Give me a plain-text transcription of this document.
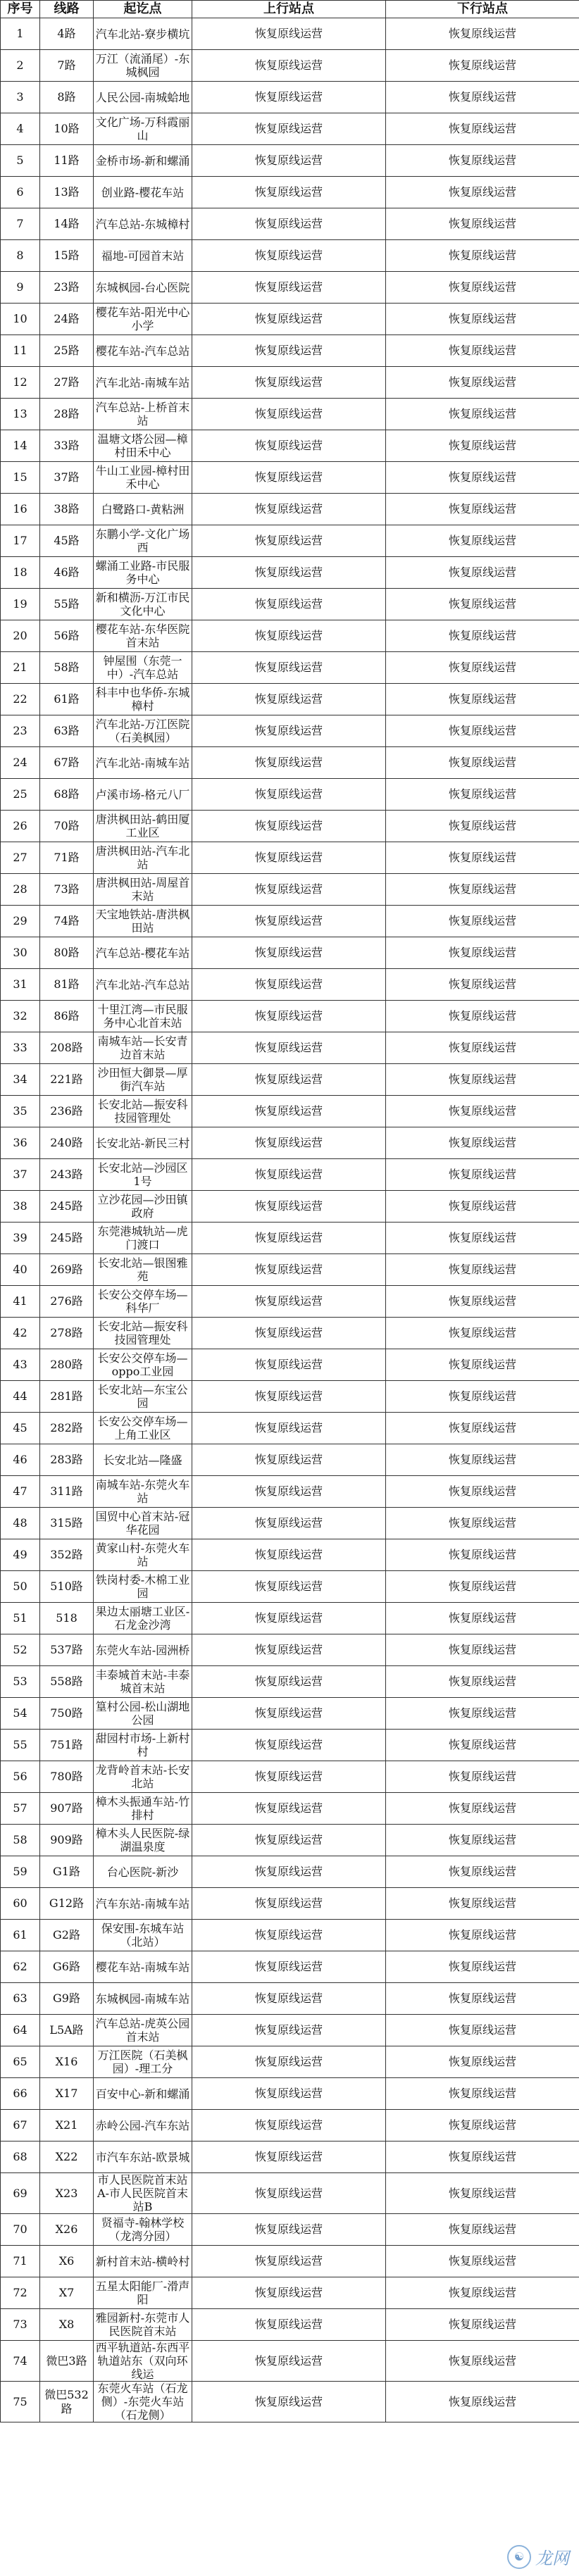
序号	线路	起讫点	上行站点	下行站点
1	4路	汽车北站-寮步横坑	恢复原线运营	恢复原线运营
2	7路	万江（流涌尾）-东城枫园	恢复原线运营	恢复原线运营
3	8路	人民公园-南城蛤地	恢复原线运营	恢复原线运营
4	10路	文化广场-万科霞丽山	恢复原线运营	恢复原线运营
5	11路	金桥市场-新和螺涌	恢复原线运营	恢复原线运营
6	13路	创业路-樱花车站	恢复原线运营	恢复原线运营
7	14路	汽车总站-东城樟村	恢复原线运营	恢复原线运营
8	15路	福地-可园首末站	恢复原线运营	恢复原线运营
9	23路	东城枫园-台心医院	恢复原线运营	恢复原线运营
10	24路	樱花车站-阳光中心小学	恢复原线运营	恢复原线运营
11	25路	樱花车站-汽车总站	恢复原线运营	恢复原线运营
12	27路	汽车北站-南城车站	恢复原线运营	恢复原线运营
13	28路	汽车总站-上桥首末站	恢复原线运营	恢复原线运营
14	33路	温塘文塔公园—樟村田禾中心	恢复原线运营	恢复原线运营
15	37路	牛山工业园-樟村田禾中心	恢复原线运营	恢复原线运营
16	38路	白鹭路口-黄粘洲	恢复原线运营	恢复原线运营
17	45路	东鹏小学-文化广场西	恢复原线运营	恢复原线运营
18	46路	螺涌工业路-市民服务中心	恢复原线运营	恢复原线运营
19	55路	新和横沥-万江市民文化中心	恢复原线运营	恢复原线运营
20	56路	樱花车站-东华医院首末站	恢复原线运营	恢复原线运营
21	58路	钟屋围（东莞一中）-汽车总站	恢复原线运营	恢复原线运营
22	61路	科丰中也华侨-东城樟村	恢复原线运营	恢复原线运营
23	63路	汽车北站-万江医院（石美枫园）	恢复原线运营	恢复原线运营
24	67路	汽车北站-南城车站	恢复原线运营	恢复原线运营
25	68路	卢溪市场-格元八厂	恢复原线运营	恢复原线运营
26	70路	唐洪枫田站-鹤田厦工业区	恢复原线运营	恢复原线运营
27	71路	唐洪枫田站-汽车北站	恢复原线运营	恢复原线运营
28	73路	唐洪枫田站-周屋首末站	恢复原线运营	恢复原线运营
29	74路	天宝地铁站-唐洪枫田站	恢复原线运营	恢复原线运营
30	80路	汽车总站-樱花车站	恢复原线运营	恢复原线运营
31	81路	汽车北站-汽车总站	恢复原线运营	恢复原线运营
32	86路	十里江湾—市民服务中心北首末站	恢复原线运营	恢复原线运营
33	208路	南城车站—长安青边首末站	恢复原线运营	恢复原线运营
34	221路	沙田恒大御景—厚街汽车站	恢复原线运营	恢复原线运营
35	236路	长安北站—振安科技园管理处	恢复原线运营	恢复原线运营
36	240路	长安北站-新民三村	恢复原线运营	恢复原线运营
37	243路	长安北站—沙园区1号	恢复原线运营	恢复原线运营
38	245路	立沙花园—沙田镇政府	恢复原线运营	恢复原线运营
39	245路	东莞港城轨站—虎门渡口	恢复原线运营	恢复原线运营
40	269路	长安北站—银图雅苑	恢复原线运营	恢复原线运营
41	276路	长安公交停车场—科华厂	恢复原线运营	恢复原线运营
42	278路	长安北站—振安科技园管理处	恢复原线运营	恢复原线运营
43	280路	长安公交停车场—oppo工业园	恢复原线运营	恢复原线运营
44	281路	长安北站—东宝公园	恢复原线运营	恢复原线运营
45	282路	长安公交停车场—上角工业区	恢复原线运营	恢复原线运营
46	283路	长安北站—隆盛	恢复原线运营	恢复原线运营
47	311路	南城车站-东莞火车站	恢复原线运营	恢复原线运营
48	315路	国贸中心首末站-冠华花园	恢复原线运营	恢复原线运营
49	352路	黄家山村-东莞火车站	恢复原线运营	恢复原线运营
50	510路	铁岗村委-木棉工业园	恢复原线运营	恢复原线运营
51	518	果边太丽塘工业区-石龙金沙湾	恢复原线运营	恢复原线运营
52	537路	东莞火车站-园洲桥	恢复原线运营	恢复原线运营
53	558路	丰泰城首末站-丰泰城首末站	恢复原线运营	恢复原线运营
54	750路	篁村公园-松山湖地公园	恢复原线运营	恢复原线运营
55	751路	甜园村市场-上新村村	恢复原线运营	恢复原线运营
56	780路	龙背岭首末站-长安北站	恢复原线运营	恢复原线运营
57	907路	樟木头振通车站-竹排村	恢复原线运营	恢复原线运营
58	909路	樟木头人民医院-绿湖温泉度	恢复原线运营	恢复原线运营
59	G1路	台心医院-新沙	恢复原线运营	恢复原线运营
60	G12路	汽车东站-南城车站	恢复原线运营	恢复原线运营
61	G2路	保安围-东城车站（北站）	恢复原线运营	恢复原线运营
62	G6路	樱花车站-南城车站	恢复原线运营	恢复原线运营
63	G9路	东城枫园-南城车站	恢复原线运营	恢复原线运营
64	L5A路	汽车总站-虎英公园首末站	恢复原线运营	恢复原线运营
65	X16	万江医院（石美枫园）-理工分	恢复原线运营	恢复原线运营
66	X17	百安中心-新和螺涌	恢复原线运营	恢复原线运营
67	X21	赤岭公园-汽车东站	恢复原线运营	恢复原线运营
68	X22	市汽车东站-欧景城	恢复原线运营	恢复原线运营
69	X23	市人民医院首末站A-市人民医院首末站B	恢复原线运营	恢复原线运营
70	X26	贤福寺-翰林学校（龙湾分园）	恢复原线运营	恢复原线运营
71	X6	新村首末站-横岭村	恢复原线运营	恢复原线运营
72	X7	五星太阳能厂-滑声阳	恢复原线运营	恢复原线运营
73	X8	雅园新村-东莞市人民医院首末站	恢复原线运营	恢复原线运营
74	微巴3路	西平轨道站-东西平轨道站东（双向环线运	恢复原线运营	恢复原线运营
75	微巴532路	东莞火车站（石龙侧）-东莞火车站（石龙侧）	恢复原线运营	恢复原线运营
☯ 龙网
